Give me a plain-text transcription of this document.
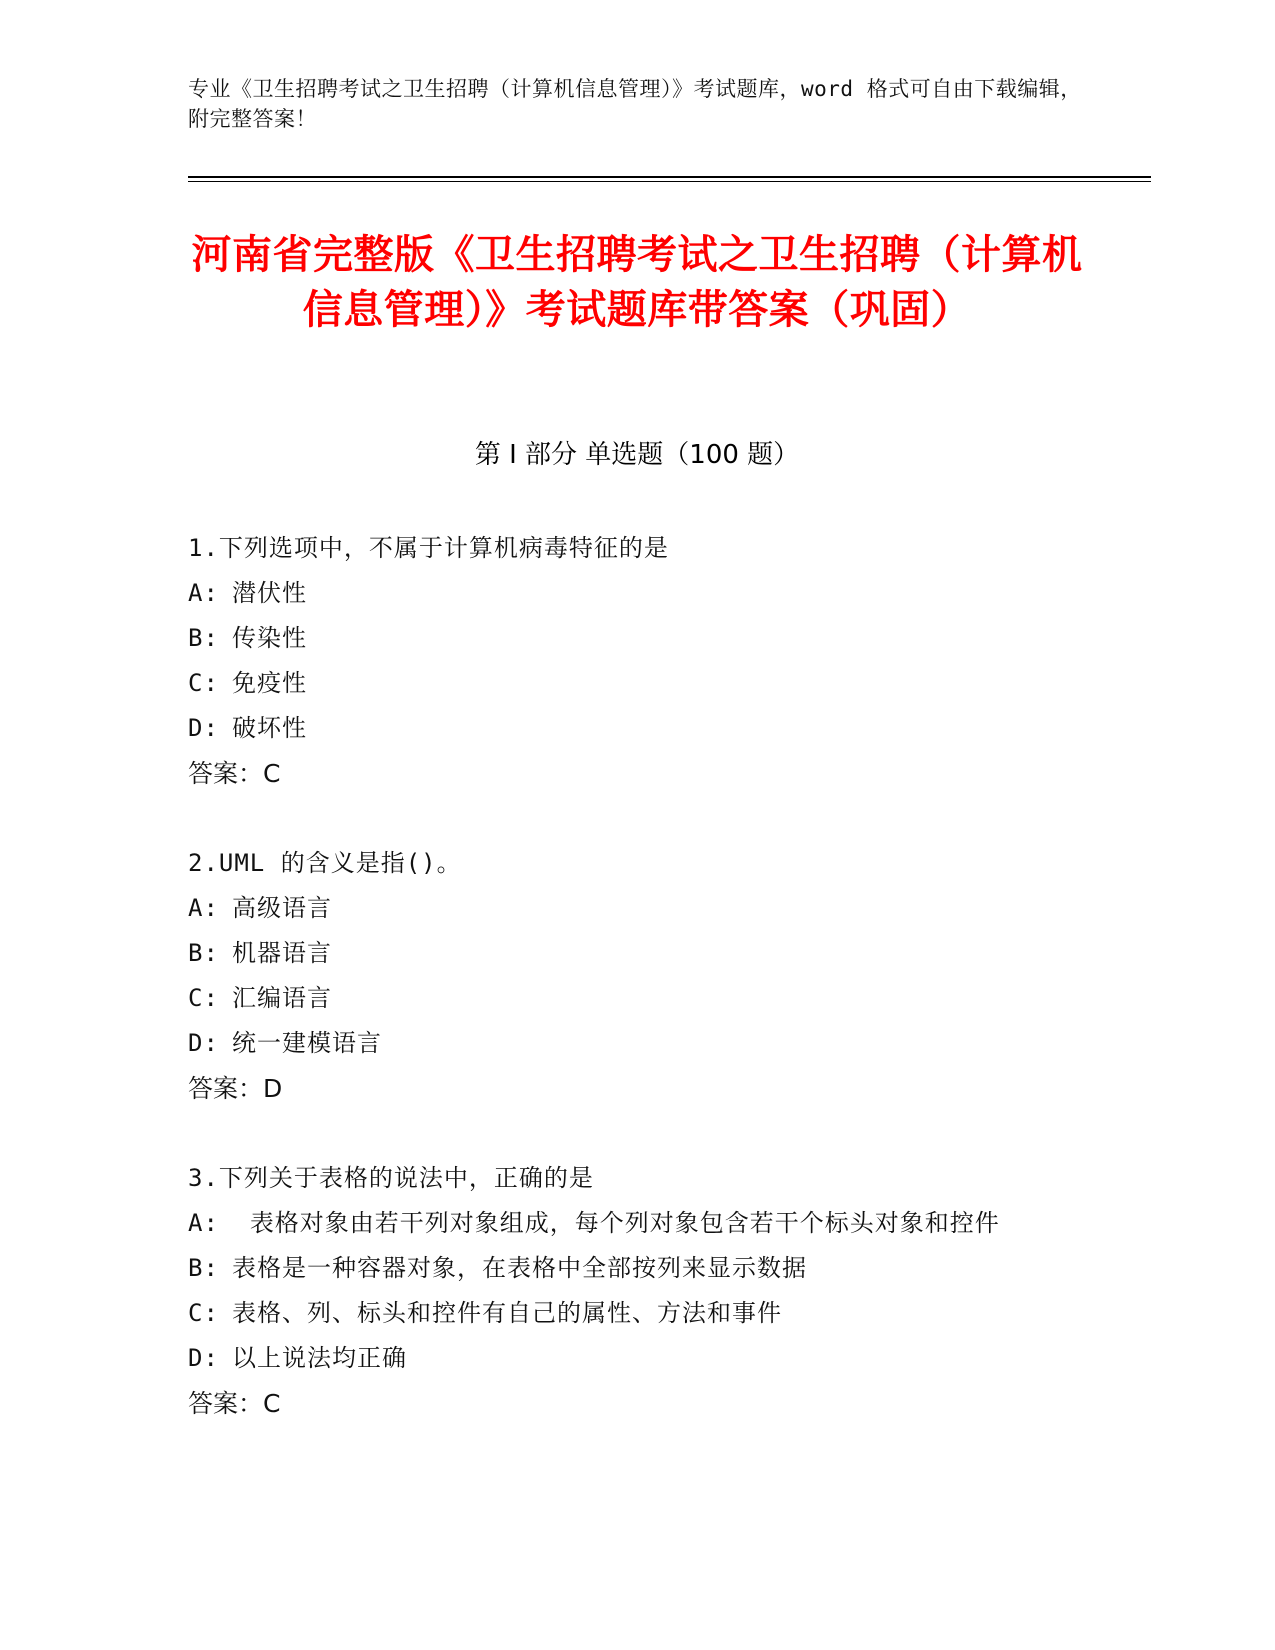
专业《卫生招聘考试之卫生招聘（计算机信息管理）》考试题库，word 格式可自由下载编辑，附完整答案！
河南省完整版《卫生招聘考试之卫生招聘（计算机信息管理）》考试题库带答案（巩固）
第 I 部分 单选题（100 题）
1.下列选项中，不属于计算机病毒特征的是
A: 潜伏性
B: 传染性
C: 免疫性
D: 破坏性
答案：C
2.UML 的含义是指()。
A: 高级语言
B: 机器语言
C: 汇编语言
D: 统一建模语言
答案：D
3.下列关于表格的说法中，正确的是
A: 表格对象由若干列对象组成，每个列对象包含若干个标头对象和控件
B: 表格是一种容器对象，在表格中全部按列来显示数据
C: 表格、列、标头和控件有自己的属性、方法和事件
D: 以上说法均正确
答案：C
